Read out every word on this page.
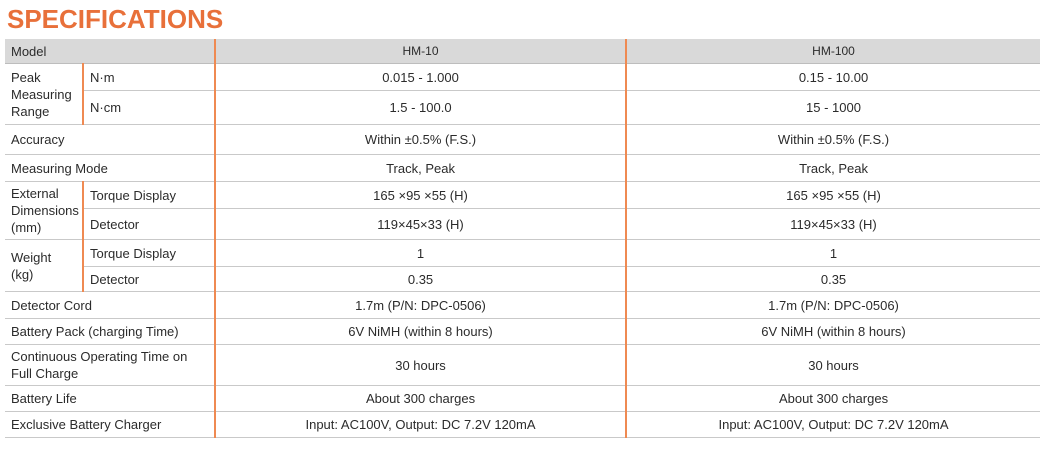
SPECIFICATIONS
Model		HM-10	HM-100
Peak Measuring Range	N·m	0.015 - 1.000	0.15 - 10.00
	N·cm	1.5 - 100.0	15 - 1000
Accuracy		Within ±0.5% (F.S.)	Within ±0.5% (F.S.)
Measuring Mode		Track, Peak	Track, Peak
External Dimensions (mm)	Torque Display	165 ×95 ×55 (H)	165 ×95 ×55 (H)
	Detector	119×45×33 (H)	119×45×33 (H)
Weight (kg)	Torque Display	1	1
	Detector	0.35	0.35
Detector Cord		1.7m (P/N: DPC-0506)	1.7m (P/N: DPC-0506)
Battery Pack (charging Time)		6V NiMH (within 8 hours)	6V NiMH (within 8 hours)
Continuous Operating Time on Full Charge		30 hours	30 hours
Battery Life		About 300 charges	About 300 charges
Exclusive Battery Charger		Input: AC100V, Output: DC 7.2V 120mA	Input: AC100V, Output: DC 7.2V 120mA
